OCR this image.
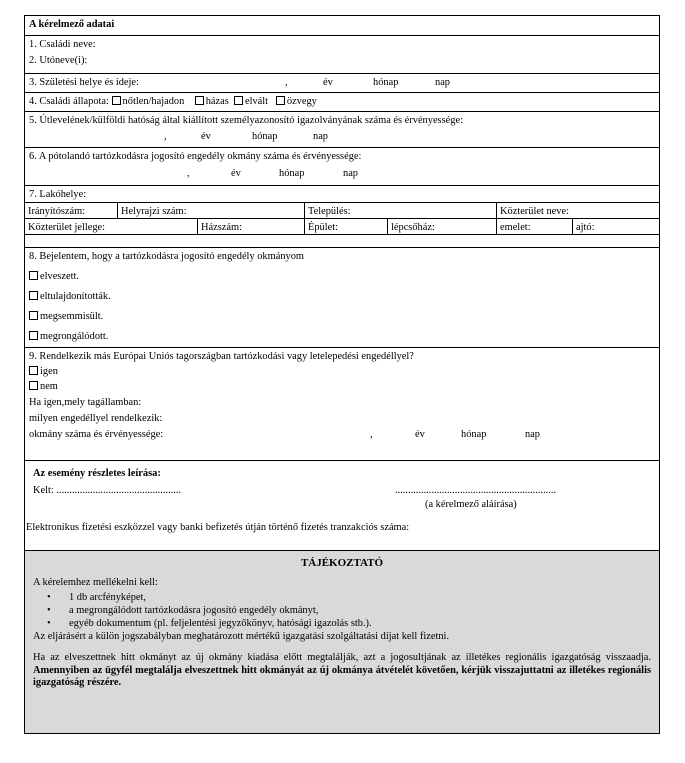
A kérelmező adatai
1. Családi neve:
2. Utóneve(i):
3. Születési helye és ideje:	,	év	hónap	nap
4. Családi állapota: nőtlen/hajadon házas elvált özvegy
5. Útlevelének/külföldi hatóság által kiállított személyazonosító igazolványának száma és érvényessége:
,	év	hónap	nap
6. A pótolandó tartózkodásra jogosító engedély okmány száma és érvényessége:
,	év	hónap	nap
7. Lakóhelye:
Irányítószám:	Helyrajzi szám:	Település:	Közterület neve:
Közterület jellege:	Házszám:	Épület:	lépcsőház:	emelet:	ajtó:
8. Bejelentem, hogy a tartózkodásra jogosító engedély okmányom
elveszett.
eltulajdonították.
megsemmisült.
megrongálódott.
9. Rendelkezik más Európai Uniós tagországban tartózkodási vagy letelepedési engedéllyel?
igen
nem
Ha igen,mely tagállamban:
milyen engedéllyel rendelkezik:
okmány száma és érvényessége:	,	év	hónap	nap
Az esemény részletes leírása:
Kelt: ................................................	..............................................................
(a kérelmező aláírása)
Elektronikus fizetési eszközzel vagy banki befizetés útján történő fizetés tranzakciós száma:
TÁJÉKOZTATÓ
A kérelemhez mellékelni kell:
• 1 db arcfényképet,
• a megrongálódott tartózkodásra jogosító engedély okmányt,
• egyéb dokumentum (pl. feljelentési jegyzőkönyv, hatósági igazolás stb.).
Az eljárásért a külön jogszabályban meghatározott mértékű igazgatási szolgáltatási díjat kell fizetni.
Ha az elveszettnek hitt okmányt az új okmány kiadása előtt megtalálják, azt a jogosultjának az illetékes regionális igazgatóság visszaadja. Amennyiben az ügyfél megtalálja elveszettnek hitt okmányát az új okmánya átvételét követően, kérjük visszajuttatni az illetékes regionális igazgatóság részére.
